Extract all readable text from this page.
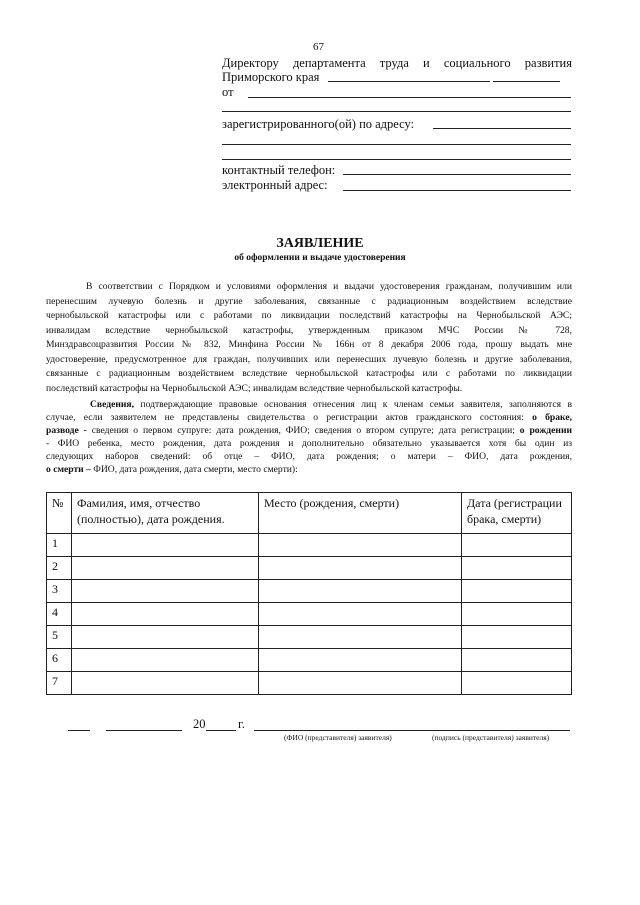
67
Директору департамента труда и социального развития
Приморского края
от
зарегистрированного(ой) по адресу:
контактный телефон:
электронный адрес:
ЗАЯВЛЕНИЕ
об оформлении и выдаче удостоверения
В соответствии с Порядком и условиями оформления и выдачи удостоверения гражданам, получившим или
перенесшим лучевую болезнь и другие заболевания, связанные с радиационным воздействием вследствие
чернобыльской катастрофы или с работами по ликвидации последствий катастрофы на Чернобыльской АЭС;
инвалидам вследствие чернобыльской катастрофы, утвержденным приказом МЧС России № 728,
Минздравсоцразвития России № 832, Минфина России № 166н от 8 декабря 2006 года, прошу выдать мне
удостоверение, предусмотренное для граждан, получивших или перенесших лучевую болезнь и другие заболевания,
связанные с радиационным воздействием вследствие чернобыльской катастрофы или с работами по ликвидации
последствий катастрофы на Чернобыльской АЭС; инвалидам вследствие чернобыльской катастрофы.
Сведения, подтверждающие правовые основания отнесения лиц к членам семьи заявителя, заполняются в
случае, если заявителем не представлены свидетельства о регистрации актов гражданского состояния: о браке,
разводе - сведения о первом супруге: дата рождения, ФИО; сведения о втором супруге; дата регистрации; о рождении
- ФИО ребенка, место рождения, дата рождения и дополнительно обязательно указывается хотя бы один из
следующих наборов сведений: об отце – ФИО, дата рождения; о матери – ФИО, дата рождения,
о смерти – ФИО, дата рождения, дата смерти, место смерти):
№	Фамилия, имя, отчество (полностью), дата рождения.	Место (рождения, смерти)	Дата (регистрации брака, смерти)
1			
2			
3			
4			
5			
6			
7			
20	г.
(ФИО (представителя) заявителя)	(подпись (представителя) заявителя)
